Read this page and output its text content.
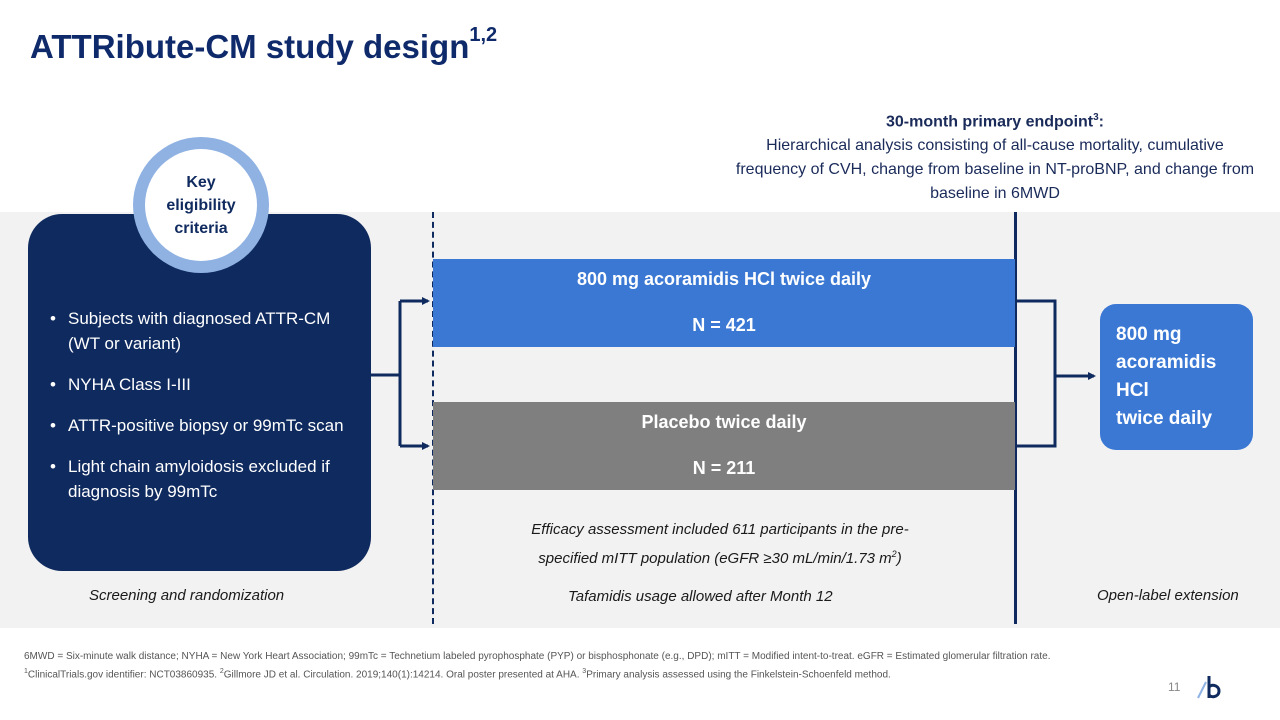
ATTRibute-CM study design$^{1,2}$
30-month primary endpoint$^3$:
Hierarchical analysis consisting of all-cause mortality, cumulative frequency of CVH, change from baseline in NT-proBNP, and change from baseline in 6MWD
• Subjects with diagnosed ATTR-CM (WT or variant)
• NYHA Class I-III
• ATTR-positive biopsy or 99mTc scan
• Light chain amyloidosis excluded if diagnosis by 99mTc
Key
eligibility
criteria
800 mg acoramidis HCl twice daily
N = 421
Placebo twice daily
N = 211
800 mg
acoramidis
HCl
twice daily
Efficacy assessment included 611 participants in the pre-
specified mITT population (eGFR ≥30 mL/min/1.73 $m^2$)
Screening and randomization	Tafamidis usage allowed after Month 12	Open-label extension

6MWD = Six-minute walk distance; NYHA = New York Heart Association; 99mTc = Technetium labeled pyrophosphate (PYP) or bisphosphonate (e.g., DPD); mITT = Modified intent-to-treat. eGFR = Estimated glomerular filtration rate.

$^1$ClinicalTrials.gov identifier: NCT03860935. $^2$Gillmore JD et al. Circulation. 2019;140(1):14214. Oral poster presented at AHA. $^3$Primary analysis assessed using the Finkelstein-Schoenfeld method.

11
